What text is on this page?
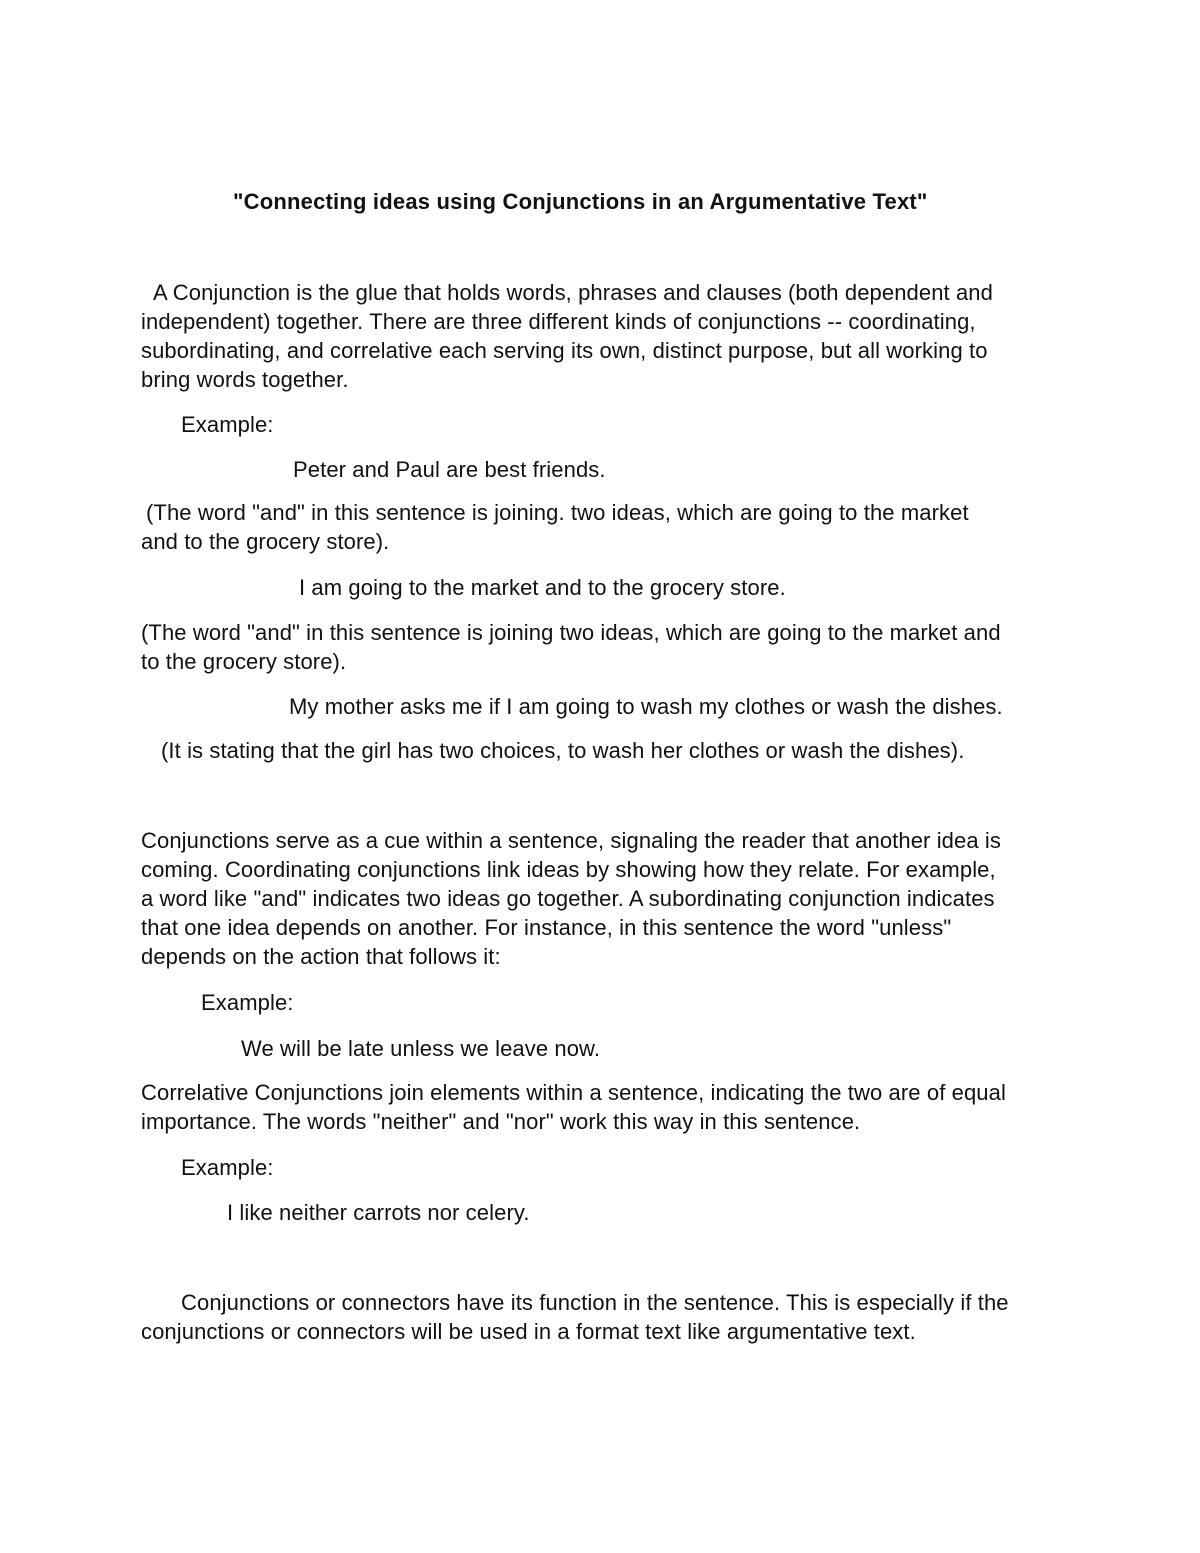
"Connecting ideas using Conjunctions in an Argumentative Text"
A Conjunction is the glue that holds words, phrases and clauses (both dependent and
independent) together. There are three different kinds of conjunctions -- coordinating,
subordinating, and correlative each serving its own, distinct purpose, but all working to
bring words together.
Example:
Peter and Paul are best friends.
(The word "and" in this sentence is joining. two ideas, which are going to the market
and to the grocery store).
I am going to the market and to the grocery store.
(The word "and" in this sentence is joining two ideas, which are going to the market and
to the grocery store).
My mother asks me if I am going to wash my clothes or wash the dishes.
(It is stating that the girl has two choices, to wash her clothes or wash the dishes).
Conjunctions serve as a cue within a sentence, signaling the reader that another idea is
coming. Coordinating conjunctions link ideas by showing how they relate. For example,
a word like "and" indicates two ideas go together. A subordinating conjunction indicates
that one idea depends on another. For instance, in this sentence the word "unless"
depends on the action that follows it:
Example:
We will be late unless we leave now.
Correlative Conjunctions join elements within a sentence, indicating the two are of equal
importance. The words "neither" and "nor" work this way in this sentence.
Example:
I like neither carrots nor celery.
Conjunctions or connectors have its function in the sentence. This is especially if the
conjunctions or connectors will be used in a format text like argumentative text.
